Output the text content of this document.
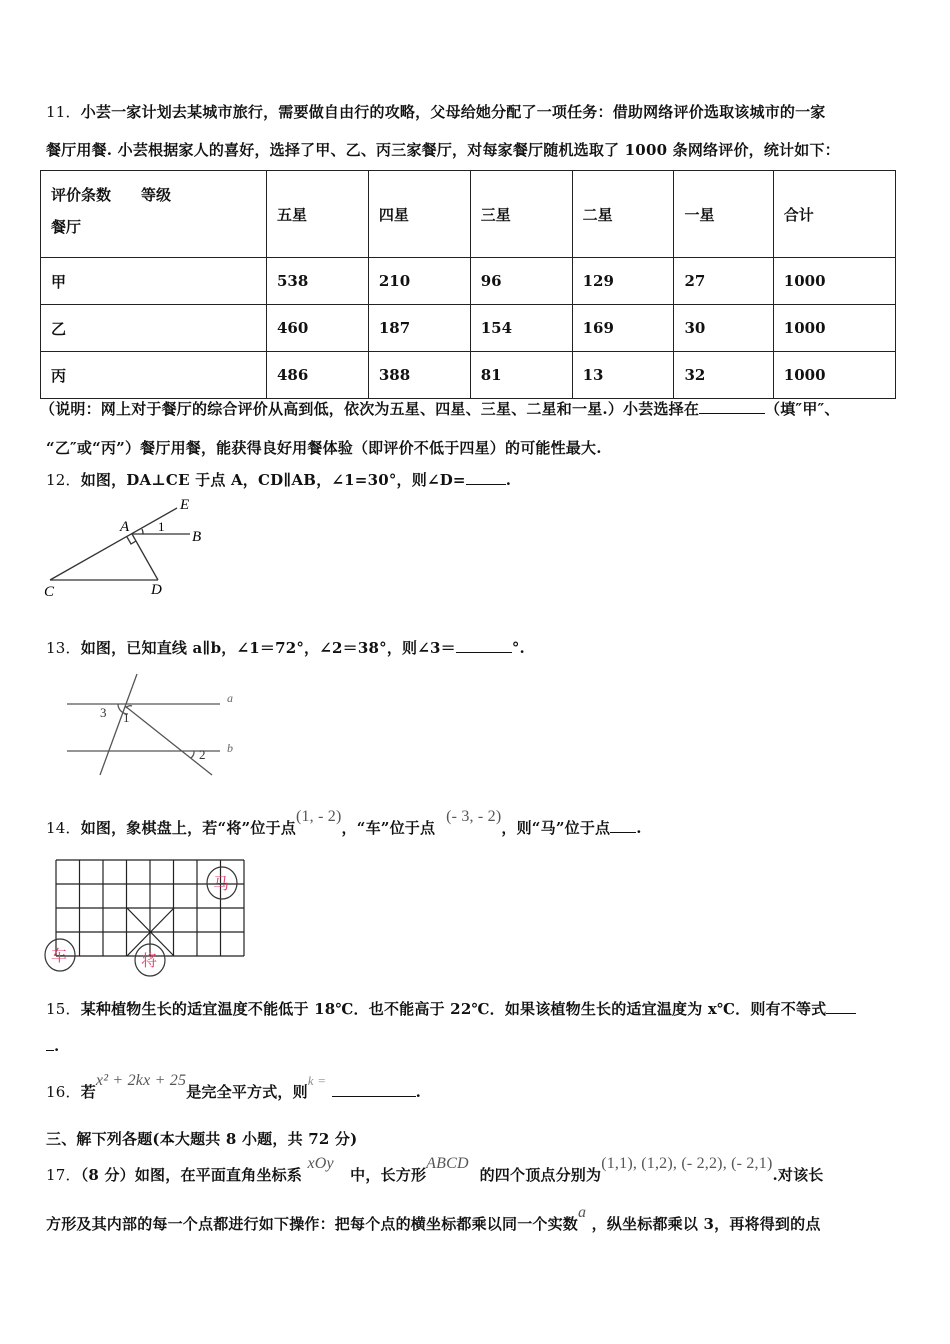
11．小芸一家计划去某城市旅行，需要做自由行的攻略，父母给她分配了一项任务：借助网络评价选取该城市的一家
餐厅用餐. 小芸根据家人的喜好，选择了甲、乙、丙三家餐厅，对每家餐厅随机选取了 1000 条网络评价，统计如下：
评价条数　　等级
餐厅	五星	四星	三星	二星	一星	合计
甲	538	210	96	129	27	1000
乙	460	187	154	169	30	1000
丙	486	388	81	13	32	1000
（说明：网上对于餐厅的综合评价从高到低，依次为五星、四星、三星、二星和一星.）小芸选择在	（填″甲″、
“乙″或“丙”）餐厅用餐，能获得良好用餐体验（即评价不低于四星）的可能性最大.
12．如图，DA⊥CE 于点 A，CD∥AB，∠1=30°，则∠D=	.
E
A 1
B
C	D
13．如图，已知直线 a∥b，∠1＝72°，∠2＝38°，则∠3＝	°.
a
b
3 1
2
14．如图，象棋盘上，若“将”位于点(1, - 2)，“车”位于点  (- 3, - 2)，则“马”位于点 .
马
车	将
15．某种植物生长的适宜温度不能低于 18℃．也不能高于 22℃．如果该植物生长的适宜温度为 x℃．则有不等式
.
16．若x² + 2kx + 25是完全平方式，则k = .
三、解下列各题(本大题共 8 小题，共 72 分)
17．（8 分）如图，在平面直角坐标系 xOy   中，长方形ABCD  的四个顶点分别为(1,1), (1,2), (- 2,2), (- 2,1).对该长
方形及其内部的每一个点都进行如下操作：把每个点的横坐标都乘以同一个实数a ，纵坐标都乘以 3，再将得到的点
